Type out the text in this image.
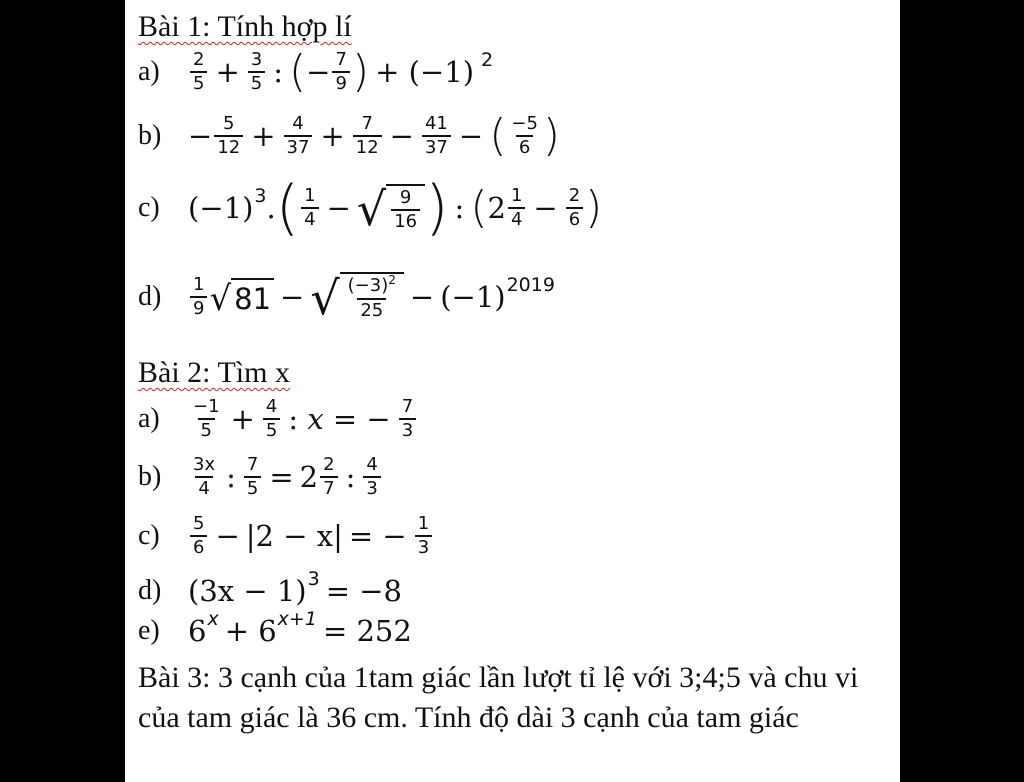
Bài 1: Tính hợp lí
a)	$\frac{2}{5} + \frac{3}{5}$ : ( − $\frac{7}{9}$ ) + (−1) 2
$b) - \frac{5}{12} + \frac{4}{37} + \frac{7}{12} - \frac{41}{37}$ − ( $\frac{-5}{6}$ )
c) (−1) 3 . ( $\frac{1}{4}$ − √ $\frac{9}{16}$ ) : ( $2 \frac{1}{4} - \frac{2}{6}$ )
d)	$\frac{1}{9}$ √ 81 − √ $\frac{(-3)^2}{25} - (-1)$ 2019
Bài 2: Tìm x
a)	$\frac{-1}{5} + \frac{4}{5}$ : x = − $\frac{7}{3}$
b)	$\frac{3x}{4}$ : $\frac{7}{5} = 2 \frac{2}{7}$ : $\frac{4}{3}$
c)	$\frac{5}{6} - |2 - x|$ = − $\frac{1}{3}$
d) (3x − 1) 3 = −8
e) 6 x + 6 x+1 = 252
Bài 3: 3 cạnh của 1tam giác lần lượt tỉ lệ với 3;4;5 và chu vi của tam giác là 36 cm. Tính độ dài 3 cạnh của tam giác
